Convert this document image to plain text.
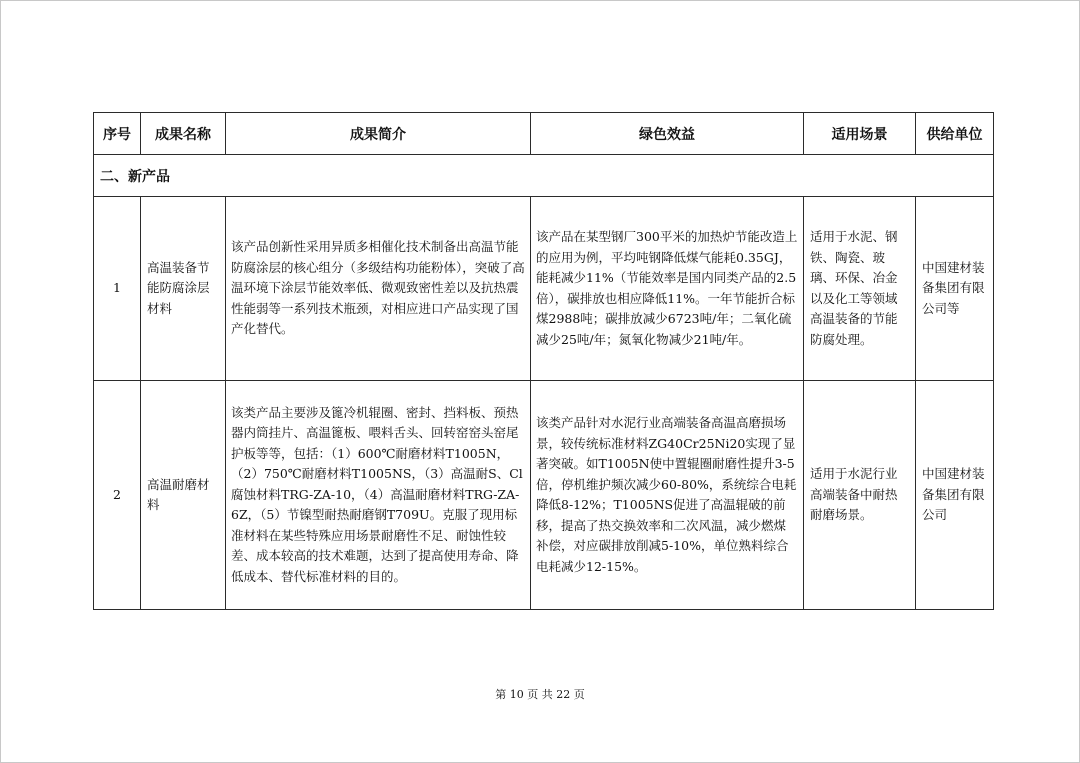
序号	成果名称	成果简介	绿色效益	适用场景	供给单位
二、新产品					
1	高温装备节能防腐涂层材料	该产品创新性采用异质多相催化技术制备出高温节能防腐涂层的核心组分（多级结构功能粉体），突破了高温环境下涂层节能效率低、微观致密性差以及抗热震性能弱等一系列技术瓶颈，对相应进口产品实现了国产化替代。	该产品在某型钢厂300平米的加热炉节能改造上的应用为例，平均吨钢降低煤气能耗0.35GJ，能耗减少11%（节能效率是国内同类产品的2.5倍），碳排放也相应降低11%。一年节能折合标煤2988吨；碳排放减少6723吨/年；二氧化硫减少25吨/年；氮氧化物减少21吨/年。	适用于水泥、钢铁、陶瓷、玻璃、环保、冶金以及化工等领域高温装备的节能防腐处理。	中国建材装备集团有限公司等
2	高温耐磨材料	该类产品主要涉及篦冷机辊圈、密封、挡料板、预热器内筒挂片、高温篦板、喂料舌头、回转窑窑头窑尾护板等等，包括：（1）600℃耐磨材料T1005N，（2）750℃耐磨材料T1005NS，（3）高温耐S、Cl腐蚀材料TRG-ZA-10，（4）高温耐磨材料TRG-ZA-6Z，（5）节镍型耐热耐磨钢T709U。克服了现用标准材料在某些特殊应用场景耐磨性不足、耐蚀性较差、成本较高的技术难题，达到了提高使用寿命、降低成本、替代标准材料的目的。	该类产品针对水泥行业高端装备高温高磨损场景，较传统标准材料ZG40Cr25Ni20实现了显著突破。如T1005N使中置辊圈耐磨性提升3-5倍，停机维护频次减少60-80%，系统综合电耗降低8-12%；T1005NS促进了高温辊破的前移，提高了热交换效率和二次风温，减少燃煤补偿，对应碳排放削减5-10%，单位熟料综合电耗减少12-15%。	适用于水泥行业高端装备中耐热耐磨场景。	中国建材装备集团有限公司
第 10 页 共 22 页
